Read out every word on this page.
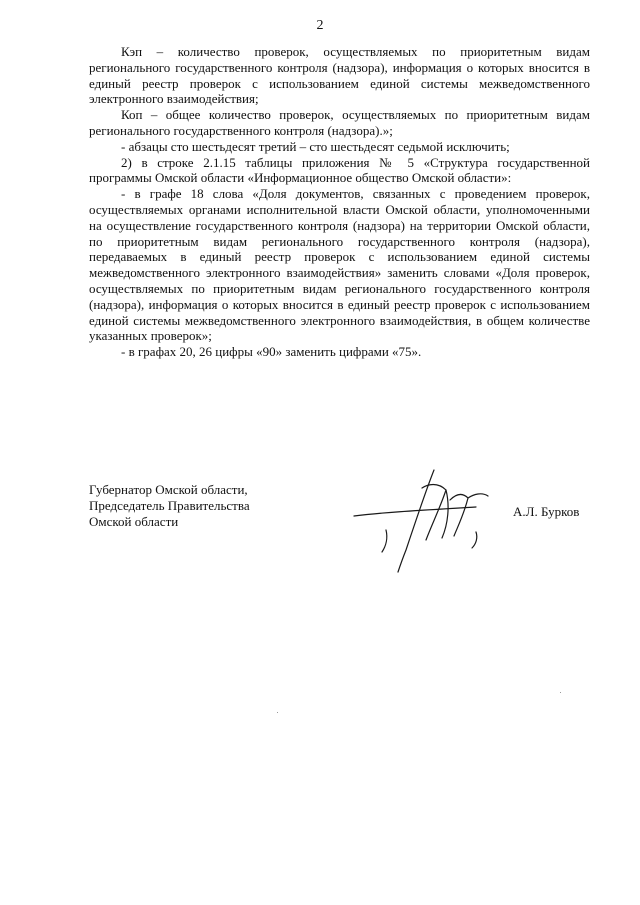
2

Кэп – количество проверок, осуществляемых по приоритетным видам регионального государственного контроля (надзора), информация о которых вносится в единый реестр проверок с использованием единой системы межведомственного электронного взаимодействия;

Коп – общее количество проверок, осуществляемых по приоритетным видам регионального государственного контроля (надзора).»;

- абзацы сто шестьдесят третий – сто шестьдесят седьмой исключить;

2) в строке 2.1.15 таблицы приложения № 5 «Структура государственной программы Омской области «Информационное общество Омской области»:

- в графе 18 слова «Доля документов, связанных с проведением проверок, осуществляемых органами исполнительной власти Омской области, уполномоченными на осуществление государственного контроля (надзора) на территории Омской области, по приоритетным видам регионального государственного контроля (надзора), передаваемых в единый реестр проверок с использованием единой системы межведомственного электронного взаимодействия» заменить словами «Доля проверок, осуществляемых по приоритетным видам регионального государственного контроля (надзора), информация о которых вносится в единый реестр проверок с использованием единой системы межведомственного электронного взаимодействия, в общем количестве указанных проверок»;

- в графах 20, 26 цифры «90» заменить цифрами «75».

Губернатор Омской области,
Председатель Правительства
Омской области
А.Л. Бурков
